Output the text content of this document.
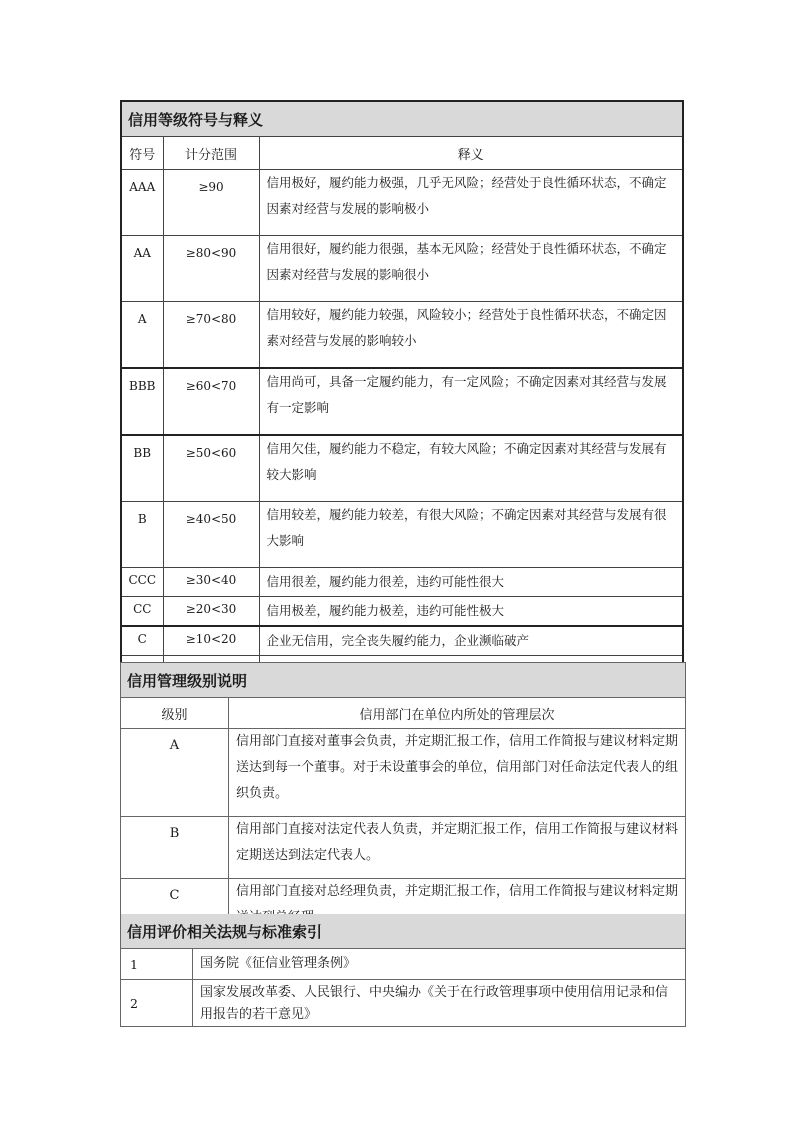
信用等级符号与释义		
符号	计分范围	释义
AAA	≥90	信用极好，履约能力极强，几乎无风险；经营处于良性循环状态，不确定因素对经营与发展的影响极小
AA	≥80<90	信用很好，履约能力很强，基本无风险；经营处于良性循环状态，不确定因素对经营与发展的影响很小
A	≥70<80	信用较好，履约能力较强，风险较小；经营处于良性循环状态，不确定因素对经营与发展的影响较小
BBB	≥60<70	信用尚可，具备一定履约能力，有一定风险；不确定因素对其经营与发展有一定影响
BB	≥50<60	信用欠佳，履约能力不稳定，有较大风险；不确定因素对其经营与发展有较大影响
B	≥40<50	信用较差，履约能力较差，有很大风险；不确定因素对其经营与发展有很大影响
CCC	≥30<40	信用很差，履约能力很差，违约可能性很大
CC	≥20<30	信用极差，履约能力极差，违约可能性极大
C	≥10<20	企业无信用，完全丧失履约能力，企业濒临破产

信用管理级别说明	
级别	信用部门在单位内所处的管理层次
A	信用部门直接对董事会负责，并定期汇报工作，信用工作简报与建议材料定期送达到每一个董事。对于未设董事会的单位，信用部门对任命法定代表人的组织负责。
B	信用部门直接对法定代表人负责，并定期汇报工作，信用工作简报与建议材料定期送达到法定代表人。
C	信用部门直接对总经理负责，并定期汇报工作，信用工作简报与建议材料定期
信用评价相关法规与标准索引	
1	国务院《征信业管理条例》
2	国家发展改革委、人民银行、中央编办《关于在行政管理事项中使用信用记录和信用报告的若干意见》
